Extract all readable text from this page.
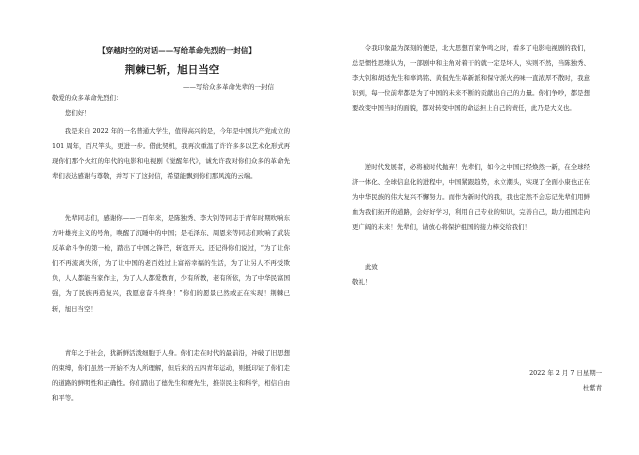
【穿越时空的对话——写给革命先烈的一封信】
荆棘已斩，旭日当空
——写给众多革命先辈的一封信
敬爱的众多革命先烈们：
您们好！

我是来自 2022 年的一名普通大学生，值得高兴的是，今年是中国共产党成立的 101 周年，百尺竿头，更进一步。借此契机，我再次重温了许许多多以艺术化形式再现你们那个火红的年代的电影和电视剧《觉醒年代》，诚允许我对你们众多的革命先辈们表达感谢与尊敬，并写下了这封信，希望能飘到你们那风流的云端。

先辈同志们，感谢你——一百年来，是陈独秀、李大钊等同志于青年时期吹响东方叶雄亮主义的号角，唤醒了沉睡中的中国；是毛泽东、周恩来等同志们吹响了武装反革命斗争的第一枪，踏出了中国之锋芒，斩寇开天。还记得你们说过，“为了让你们不再流离失所，为了让中国的老百姓过上富裕幸福的生活，为了让另人不再受欺负，人人都能当家作主，为了人人都爱教育，少有所教，老有所依，为了中华民富国强，为了民族再造复兴，我愿意奋斗终身！”你们的愿景已然或正在实现！荆棘已斩，旭日当空！

青年之于社会，犹新鲜活泼细胞于人身。你们走在时代的最前沿，冲破了旧思想的束缚，你们虽然一开始不为人所理解，但后来的五四青年运动，则抵印证了你们走的道路的鲜明性和正确性。你们踏出了德先生和赛先生，推崇民主和科学，相信自由和平等。

令我印象最为深刻的便是，北大思想百家争鸣之时，看多了电影电视剧的我们，总是惯性思维认为，一部剧中和主角对着干的就一定是坏人，实则不然，当陈独秀、李大钊和胡适先生和辜鸿铭、黄侃先生革新派和保守派火药味一直浓厚不散时，我意识到，每一位前辈都是为了中国的未来不断的贡献出自己的力量。你们争吵，都是想要改变中国当时的面貌，都对转变中国的命运担上自己的责任，此乃是大义也。

逆时代发展者，必将被时代抛弃！先辈们，如今之中国已经焕然一新，在全球经济一体化、全球信息化的进程中，中国紧跟趋势，永立潮头，实现了全面小康也正在为中华民族的伟大复兴不懈努力。而作为新时代的我，我也定然不会忘记先辈们用鲜血为我们拓开的道路，会好好学习，利用自己专业的知识，完善自己，助力祖国走向更广阔的未来！先辈们，请放心将保护祖国的接力棒交给我们！

此致
敬礼！
2022 年 2 月 7 日星期一
杜紫青
